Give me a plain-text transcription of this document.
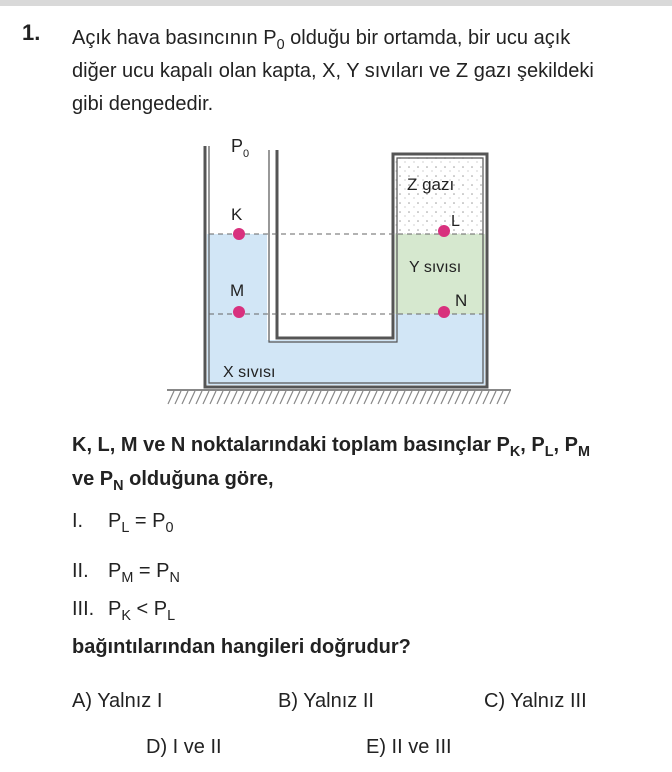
1. Açık hava basıncının $P_0$ olduğu bir ortamda, bir ucu açık

diğer ucu kapalı olan kapta, X, Y sıvıları ve Z gazı şekildeki

gibi dengededir.

$P_0$
K
M
L
N
Z gazı
Y sıvısı
X sıvısı

K, L, M ve N noktalarındaki toplam basınçlar $P_K$, $P_L$, $P_M$

ve $P_N$ olduğuna göre,

I. $P_L = P_0$
II. $P_M = P_N$
III. $P_K < P_L$
bağıntılarından hangileri doğrudur?
A) Yalnız I	B) Yalnız II	C) Yalnız III
D) I ve II	E) II ve III
